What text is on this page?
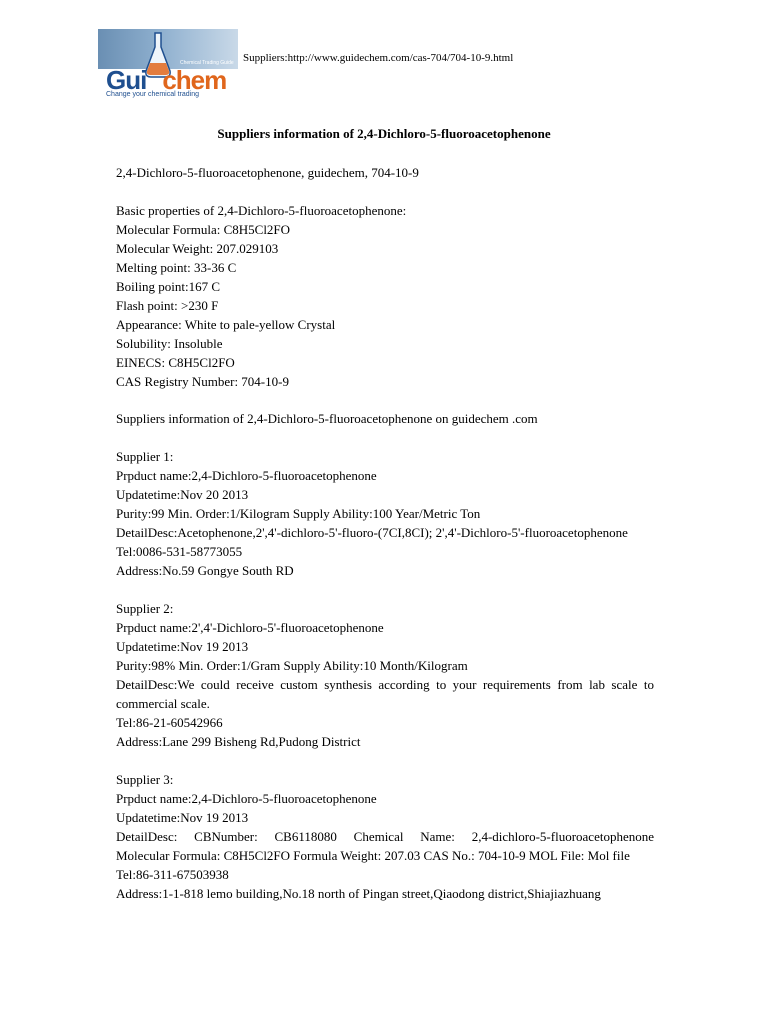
Chemical Trading Guide
Gui chem
Change your chemical trading
Suppliers:http://www.guidechem.com/cas-704/704-10-9.html
Suppliers information of 2,4-Dichloro-5-fluoroacetophenone
2,4-Dichloro-5-fluoroacetophenone, guidechem, 704-10-9
Basic properties of 2,4-Dichloro-5-fluoroacetophenone:
Molecular Formula: C8H5Cl2FO
Molecular Weight: 207.029103
Melting point: 33-36 C
Boiling point:167 C
Flash point: >230 F
Appearance: White to pale-yellow Crystal
Solubility: Insoluble
EINECS: C8H5Cl2FO
CAS Registry Number: 704-10-9
Suppliers information of 2,4-Dichloro-5-fluoroacetophenone on guidechem .com
Supplier 1:
Prpduct name:2,4-Dichloro-5-fluoroacetophenone
Updatetime:Nov 20 2013
Purity:99 Min. Order:1/Kilogram Supply Ability:100 Year/Metric Ton
DetailDesc:Acetophenone,2',4'-dichloro-5'-fluoro-(7CI,8CI); 2',4'-Dichloro-5'-fluoroacetophenone
Tel:0086-531-58773055
Address:No.59 Gongye South RD
Supplier 2:
Prpduct name:2',4'-Dichloro-5'-fluoroacetophenone
Updatetime:Nov 19 2013
Purity:98% Min. Order:1/Gram Supply Ability:10 Month/Kilogram
DetailDesc:We could receive custom synthesis according to your requirements from lab scale to
commercial scale.
Tel:86-21-60542966
Address:Lane 299 Bisheng Rd,Pudong District
Supplier 3:
Prpduct name:2,4-Dichloro-5-fluoroacetophenone
Updatetime:Nov 19 2013
DetailDesc: CBNumber: CB6118080 Chemical Name: 2,4-dichloro-5-fluoroacetophenone
Molecular Formula: C8H5Cl2FO Formula Weight: 207.03 CAS No.: 704-10-9 MOL File: Mol file
Tel:86-311-67503938
Address:1-1-818 lemo building,No.18 north of Pingan street,Qiaodong district,Shiajiazhuang
